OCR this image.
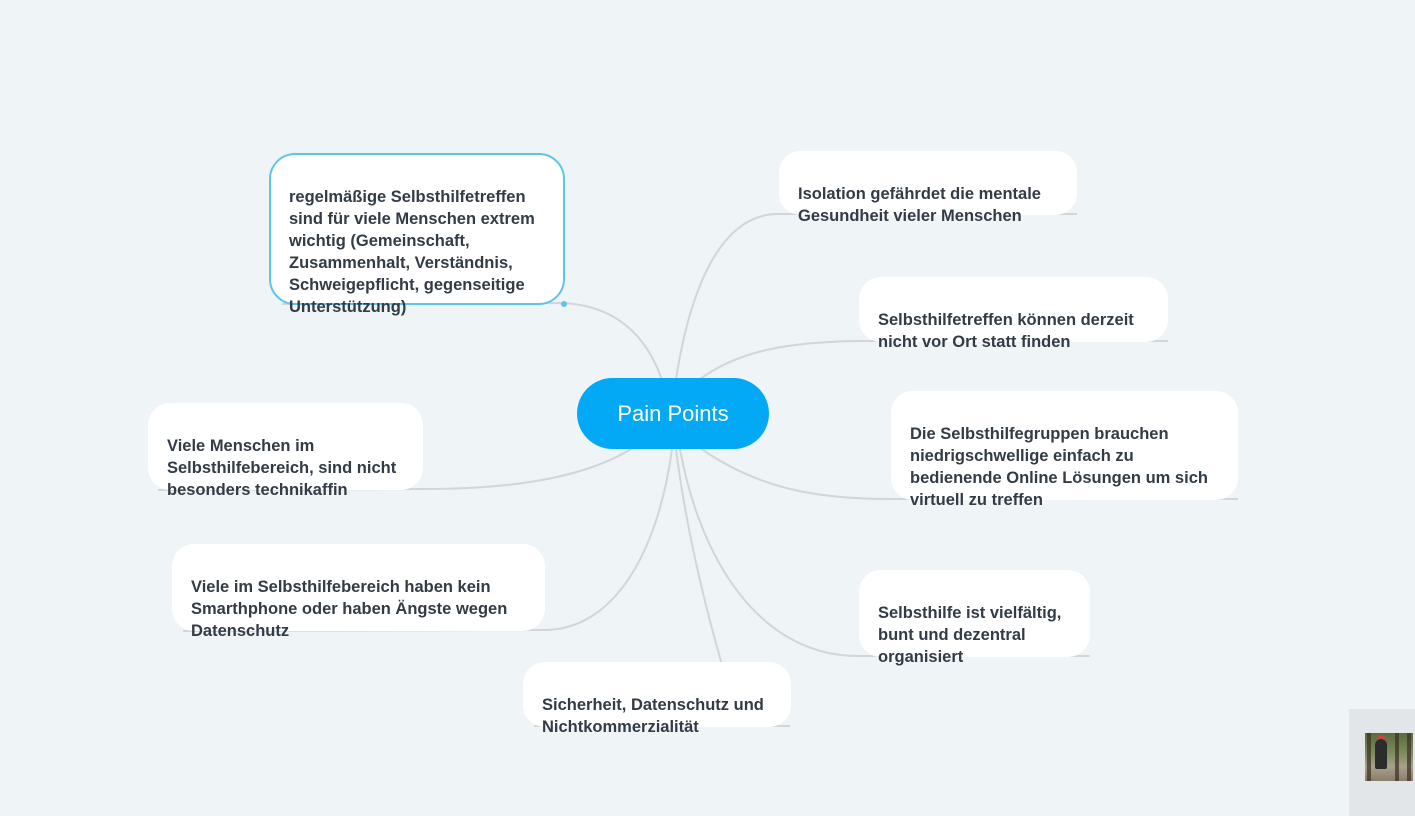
Pain Points

regelmäßige Selbsthilfetreffen
sind für viele Menschen extrem
wichtig (Gemeinschaft,
Zusammenhalt, Verständnis,
Schweigepflicht, gegenseitige
Unterstützung)

Viele Menschen im
Selbsthilfebereich, sind nicht
besonders technikaffin

Viele im Selbsthilfebereich haben kein
Smarthphone oder haben Ängste wegen
Datenschutz

Sicherheit, Datenschutz und
Nichtkommerzialität

Isolation gefährdet die mentale
Gesundheit vieler Menschen

Selbsthilfetreffen können derzeit
nicht vor Ort statt finden

Die Selbsthilfegruppen brauchen
niedrigschwellige einfach zu
bedienende Online Lösungen um sich
virtuell zu treffen

Selbsthilfe ist vielfältig,
bunt und dezentral
organisiert
